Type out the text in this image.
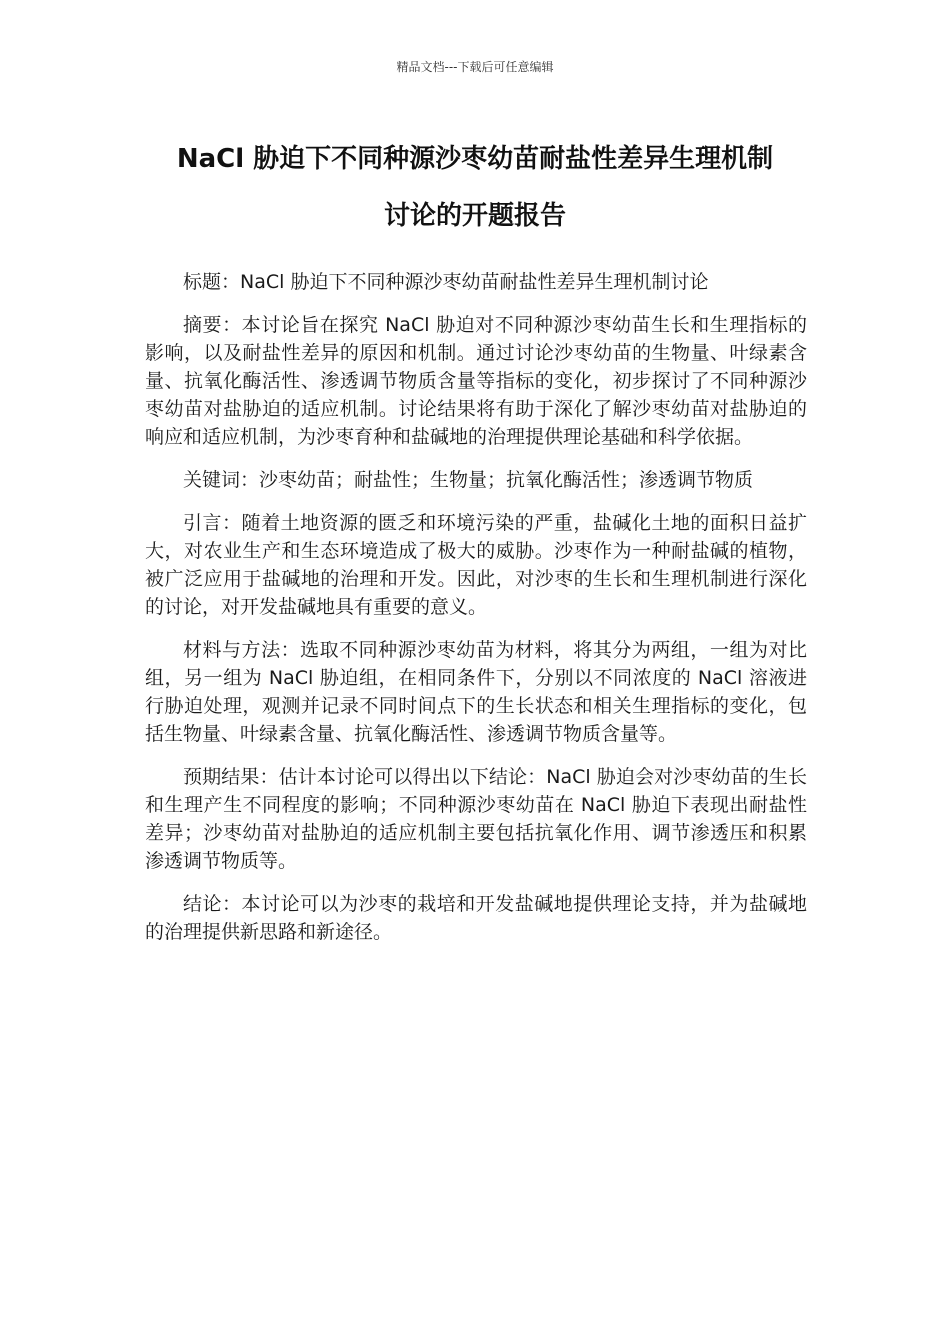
精品文档---下载后可任意编辑
NaCl 胁迫下不同种源沙枣幼苗耐盐性差异生理机制
讨论的开题报告

标题：NaCl 胁迫下不同种源沙枣幼苗耐盐性差异生理机制讨论

摘要：本讨论旨在探究 NaCl 胁迫对不同种源沙枣幼苗生长和生理指标的影响，以及耐盐性差异的原因和机制。通过讨论沙枣幼苗的生物量、叶绿素含量、抗氧化酶活性、渗透调节物质含量等指标的变化，初步探讨了不同种源沙枣幼苗对盐胁迫的适应机制。讨论结果将有助于深化了解沙枣幼苗对盐胁迫的响应和适应机制，为沙枣育种和盐碱地的治理提供理论基础和科学依据。

关键词：沙枣幼苗；耐盐性；生物量；抗氧化酶活性；渗透调节物质

引言：随着土地资源的匮乏和环境污染的严重，盐碱化土地的面积日益扩大，对农业生产和生态环境造成了极大的威胁。沙枣作为一种耐盐碱的植物，被广泛应用于盐碱地的治理和开发。因此，对沙枣的生长和生理机制进行深化的讨论，对开发盐碱地具有重要的意义。

材料与方法：选取不同种源沙枣幼苗为材料，将其分为两组，一组为对比组，另一组为 NaCl 胁迫组，在相同条件下，分别以不同浓度的 NaCl 溶液进行胁迫处理，观测并记录不同时间点下的生长状态和相关生理指标的变化，包括生物量、叶绿素含量、抗氧化酶活性、渗透调节物质含量等。

预期结果：估计本讨论可以得出以下结论：NaCl 胁迫会对沙枣幼苗的生长和生理产生不同程度的影响；不同种源沙枣幼苗在 NaCl 胁迫下表现出耐盐性差异；沙枣幼苗对盐胁迫的适应机制主要包括抗氧化作用、调节渗透压和积累渗透调节物质等。

结论：本讨论可以为沙枣的栽培和开发盐碱地提供理论支持，并为盐碱地的治理提供新思路和新途径。
